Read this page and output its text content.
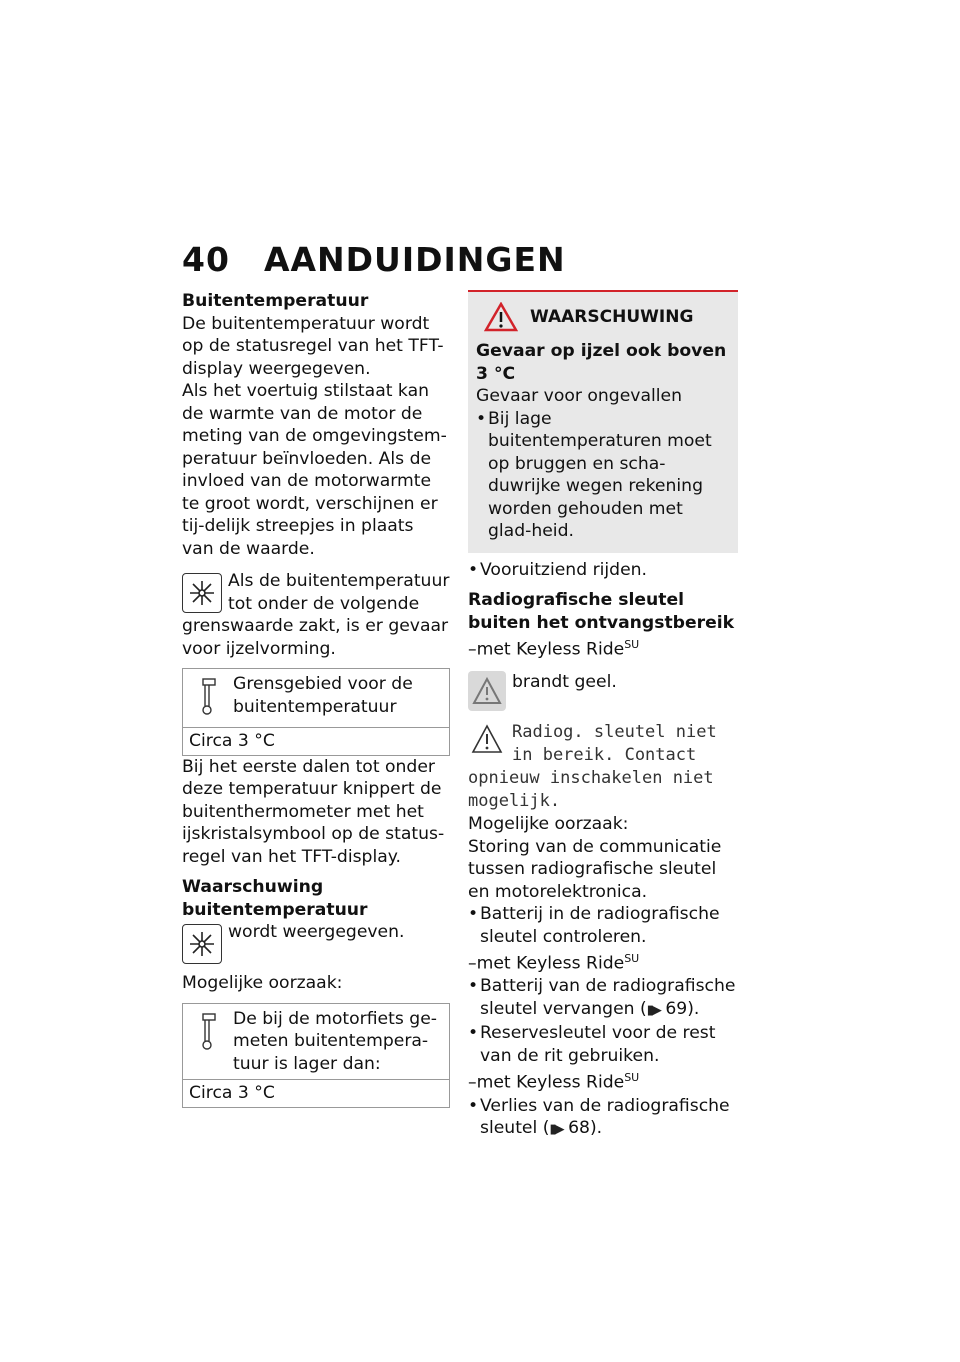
40 AANDUIDINGEN

Buitentemperatuur

De buitentemperatuur wordt op de statusregel van het TFT-display weergegeven.

Als het voertuig stilstaat kan de warmte van de motor de meting van de omgevingstem-peratuur beïnvloeden. Als de invloed van de motorwarmte te groot wordt, verschijnen er tij-delijk streepjes in plaats van de waarde.

Als de buitentemperatuur tot onder de volgende grenswaarde zakt, is er gevaar voor ijzelvorming.

Grensgebied voor de buitentemperatuur
Circa 3 °C

Bij het eerste dalen tot onder deze temperatuur knippert de buitenthermometer met het ijskristalsymbool op de status-regel van het TFT-display.

Waarschuwing buitentemperatuur

wordt weergegeven.

Mogelijke oorzaak:

De bij de motorfiets ge-meten buitentempera-tuur is lager dan:
Circa 3 °C
WAARSCHUWING

Gevaar op ijzel ook boven 3 °C

Gevaar voor ongevallen

• Bij lage buitentemperaturen moet op bruggen en scha-duwrijke wegen rekening worden gehouden met glad-heid.

• Vooruitziend rijden.

Radiografische sleutel buiten het ontvangstbereik

–met Keyless Ride$^{SU}$

brandt geel.

Radiog. sleutel niet in bereik. Contact opnieuw inschakelen niet mogelijk.

Mogelijke oorzaak:

Storing van de communicatie tussen radiografische sleutel en motorelektronica.

• Batterij in de radiografische sleutel controleren.

–met Keyless Ride$^{SU}$

• Batterij van de radiografische sleutel vervangen (▮▶ 69).

• Reservesleutel voor de rest van de rit gebruiken.

–met Keyless Ride$^{SU}$

• Verlies van de radiografische sleutel (▮▶ 68).
